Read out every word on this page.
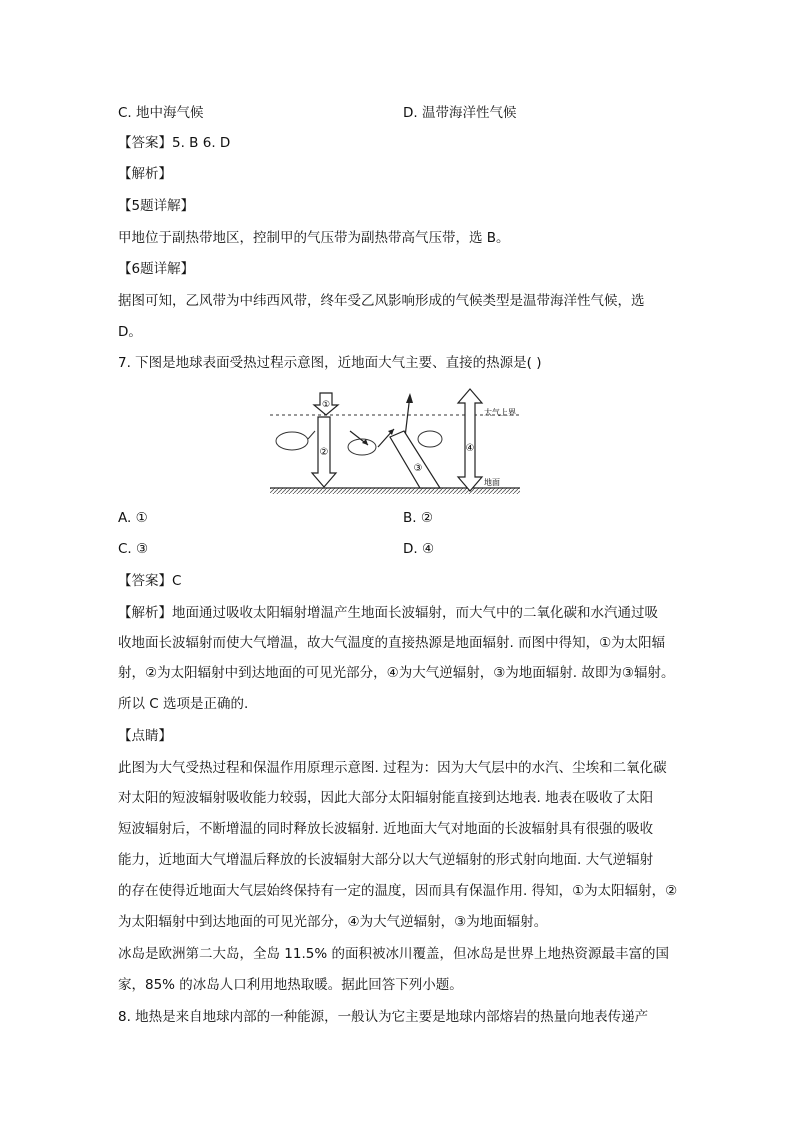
C. 地中海气候	D. 温带海洋性气候
【答案】5. B 6. D
【解析】
【5题详解】
甲地位于副热带地区，控制甲的气压带为副热带高气压带，选 B。
【6题详解】
据图可知，乙风带为中纬西风带，终年受乙风影响形成的气候类型是温带海洋性气候，选
D。
7. 下图是地球表面受热过程示意图，近地面大气主要、直接的热源是( )
①
②
③
④
大气上界
地面
A. ①	B. ②
C. ③	D. ④
【答案】C
【解析】地面通过吸收太阳辐射增温产生地面长波辐射，而大气中的二氧化碳和水汽通过吸
收地面长波辐射而使大气增温，故大气温度的直接热源是地面辐射. 而图中得知，①为太阳辐
射，②为太阳辐射中到达地面的可见光部分，④为大气逆辐射，③为地面辐射. 故即为③辐射。
所以 C 选项是正确的.
【点睛】
此图为大气受热过程和保温作用原理示意图. 过程为：因为大气层中的水汽、尘埃和二氧化碳
对太阳的短波辐射吸收能力较弱，因此大部分太阳辐射能直接到达地表. 地表在吸收了太阳
短波辐射后，不断增温的同时释放长波辐射. 近地面大气对地面的长波辐射具有很强的吸收
能力，近地面大气增温后释放的长波辐射大部分以大气逆辐射的形式射向地面. 大气逆辐射
的存在使得近地面大气层始终保持有一定的温度，因而具有保温作用. 得知，①为太阳辐射，②
为太阳辐射中到达地面的可见光部分，④为大气逆辐射，③为地面辐射。
冰岛是欧洲第二大岛，全岛 11.5% 的面积被冰川覆盖，但冰岛是世界上地热资源最丰富的国
家，85% 的冰岛人口利用地热取暖。据此回答下列小题。
8. 地热是来自地球内部的一种能源，一般认为它主要是地球内部熔岩的热量向地表传递产
